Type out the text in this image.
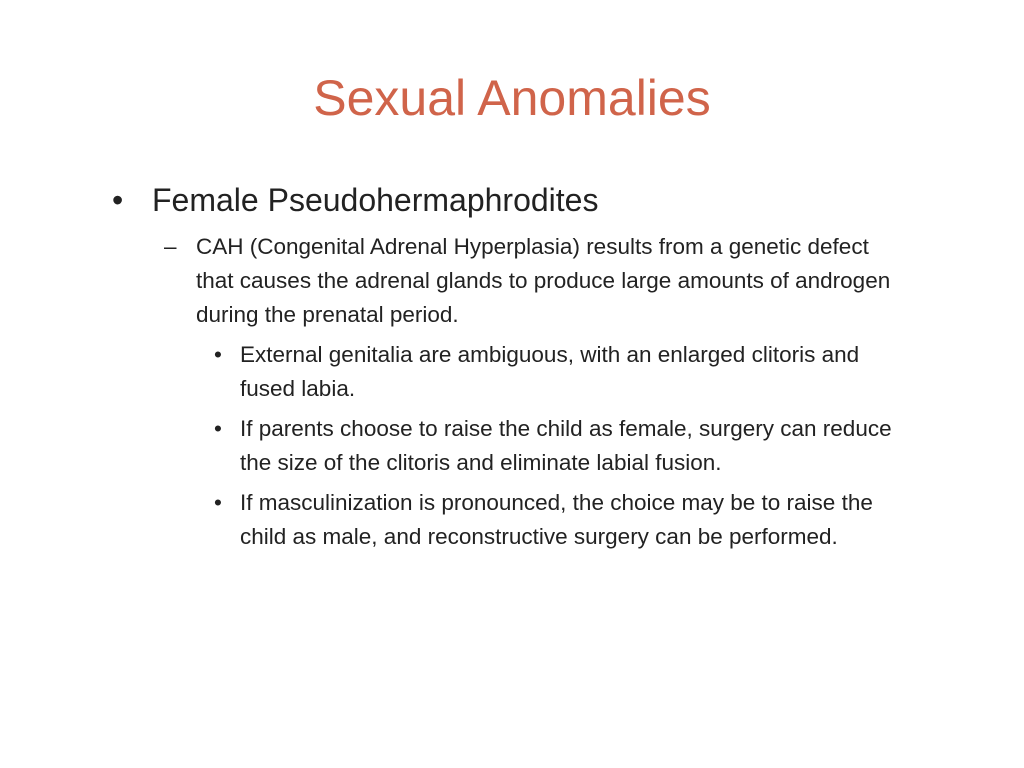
Sexual Anomalies
• Female Pseudohermaphrodites
– CAH (Congenital Adrenal Hyperplasia) results from a genetic defect that causes the adrenal glands to produce large amounts of androgen during the prenatal period.
• External genitalia are ambiguous, with an enlarged clitoris and fused labia.
• If parents choose to raise the child as female, surgery can reduce the size of the clitoris and eliminate labial fusion.
• If masculinization is pronounced, the choice may be to raise the child as male, and reconstructive surgery can be performed.
